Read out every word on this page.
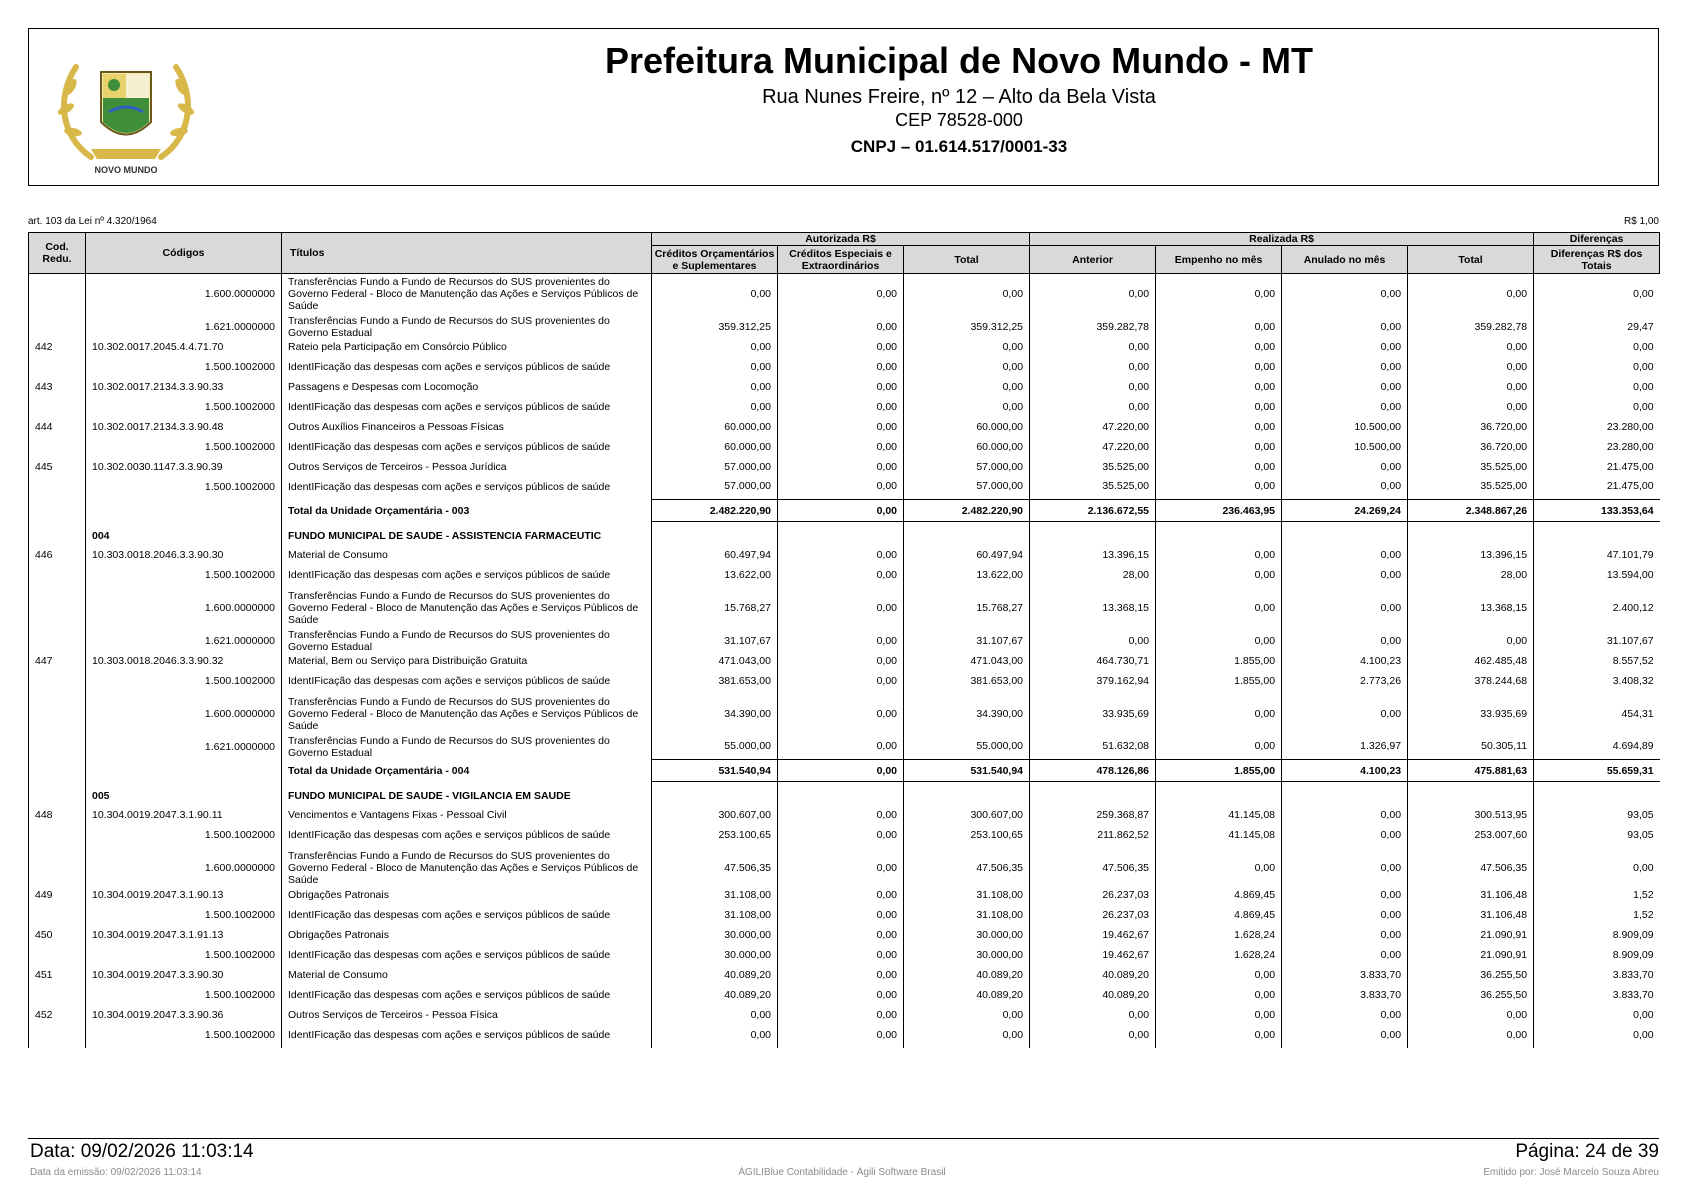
NOVO MUNDO
Prefeitura Municipal de Novo Mundo - MT
Rua Nunes Freire, nº 12 – Alto da Bela Vista
CEP 78528-000
CNPJ – 01.614.517/0001-33
art. 103 da Lei nº 4.320/1964	R$ 1,00
Cod. Redu.	Códigos	Títulos	Autorizada R$			Realizada R$				Diferenças
			Créditos Orçamentários e Suplementares	Créditos Especiais e Extraordinários	Total	Anterior	Empenho no mês	Anulado no mês	Total	Diferenças R$ dos Totais
	1.600.0000000	Transferências Fundo a Fundo de Recursos do SUS provenientes do Governo Federal - Bloco de Manutenção das Ações e Serviços Públicos de Saúde	0,00	0,00	0,00	0,00	0,00	0,00	0,00	0,00
	1.621.0000000	Transferências Fundo a Fundo de Recursos do SUS provenientes do Governo Estadual	359.312,25	0,00	359.312,25	359.282,78	0,00	0,00	359.282,78	29,47
442	10.302.0017.2045.4.4.71.70	Rateio pela Participação em Consórcio Público	0,00	0,00	0,00	0,00	0,00	0,00	0,00	0,00
	1.500.1002000	IdentIFicação das despesas com ações e serviços públicos de saúde	0,00	0,00	0,00	0,00	0,00	0,00	0,00	0,00
443	10.302.0017.2134.3.3.90.33	Passagens e Despesas com Locomoção	0,00	0,00	0,00	0,00	0,00	0,00	0,00	0,00
	1.500.1002000	IdentIFicação das despesas com ações e serviços públicos de saúde	0,00	0,00	0,00	0,00	0,00	0,00	0,00	0,00
444	10.302.0017.2134.3.3.90.48	Outros Auxílios Financeiros a Pessoas Físicas	60.000,00	0,00	60.000,00	47.220,00	0,00	10.500,00	36.720,00	23.280,00
	1.500.1002000	IdentIFicação das despesas com ações e serviços públicos de saúde	60.000,00	0,00	60.000,00	47.220,00	0,00	10.500,00	36.720,00	23.280,00
445	10.302.0030.1147.3.3.90.39	Outros Serviços de Terceiros - Pessoa Jurídica	57.000,00	0,00	57.000,00	35.525,00	0,00	0,00	35.525,00	21.475,00
	1.500.1002000	IdentIFicação das despesas com ações e serviços públicos de saúde	57.000,00	0,00	57.000,00	35.525,00	0,00	0,00	35.525,00	21.475,00
		Total da Unidade Orçamentária - 003	2.482.220,90	0,00	2.482.220,90	2.136.672,55	236.463,95	24.269,24	2.348.867,26	133.353,64
	004	FUNDO MUNICIPAL DE SAUDE - ASSISTENCIA FARMACEUTIC								
446	10.303.0018.2046.3.3.90.30	Material de Consumo	60.497,94	0,00	60.497,94	13.396,15	0,00	0,00	13.396,15	47.101,79
	1.500.1002000	IdentIFicação das despesas com ações e serviços públicos de saúde	13.622,00	0,00	13.622,00	28,00	0,00	0,00	28,00	13.594,00
	1.600.0000000	Transferências Fundo a Fundo de Recursos do SUS provenientes do Governo Federal - Bloco de Manutenção das Ações e Serviços Públicos de Saúde	15.768,27	0,00	15.768,27	13.368,15	0,00	0,00	13.368,15	2.400,12
	1.621.0000000	Transferências Fundo a Fundo de Recursos do SUS provenientes do Governo Estadual	31.107,67	0,00	31.107,67	0,00	0,00	0,00	0,00	31.107,67
447	10.303.0018.2046.3.3.90.32	Material, Bem ou Serviço para Distribuição Gratuita	471.043,00	0,00	471.043,00	464.730,71	1.855,00	4.100,23	462.485,48	8.557,52
	1.500.1002000	IdentIFicação das despesas com ações e serviços públicos de saúde	381.653,00	0,00	381.653,00	379.162,94	1.855,00	2.773,26	378.244,68	3.408,32
	1.600.0000000	Transferências Fundo a Fundo de Recursos do SUS provenientes do Governo Federal - Bloco de Manutenção das Ações e Serviços Públicos de Saúde	34.390,00	0,00	34.390,00	33.935,69	0,00	0,00	33.935,69	454,31
	1.621.0000000	Transferências Fundo a Fundo de Recursos do SUS provenientes do Governo Estadual	55.000,00	0,00	55.000,00	51.632,08	0,00	1.326,97	50.305,11	4.694,89
		Total da Unidade Orçamentária - 004	531.540,94	0,00	531.540,94	478.126,86	1.855,00	4.100,23	475.881,63	55.659,31
	005	FUNDO MUNICIPAL DE SAUDE - VIGILANCIA EM SAUDE								
448	10.304.0019.2047.3.1.90.11	Vencimentos e Vantagens Fixas - Pessoal Civil	300.607,00	0,00	300.607,00	259.368,87	41.145,08	0,00	300.513,95	93,05
	1.500.1002000	IdentIFicação das despesas com ações e serviços públicos de saúde	253.100,65	0,00	253.100,65	211.862,52	41.145,08	0,00	253.007,60	93,05
	1.600.0000000	Transferências Fundo a Fundo de Recursos do SUS provenientes do Governo Federal - Bloco de Manutenção das Ações e Serviços Públicos de Saúde	47.506,35	0,00	47.506,35	47.506,35	0,00	0,00	47.506,35	0,00
449	10.304.0019.2047.3.1.90.13	Obrigações Patronais	31.108,00	0,00	31.108,00	26.237,03	4.869,45	0,00	31.106,48	1,52
	1.500.1002000	IdentIFicação das despesas com ações e serviços públicos de saúde	31.108,00	0,00	31.108,00	26.237,03	4.869,45	0,00	31.106,48	1,52
450	10.304.0019.2047.3.1.91.13	Obrigações Patronais	30.000,00	0,00	30.000,00	19.462,67	1.628,24	0,00	21.090,91	8.909,09
	1.500.1002000	IdentIFicação das despesas com ações e serviços públicos de saúde	30.000,00	0,00	30.000,00	19.462,67	1.628,24	0,00	21.090,91	8.909,09
451	10.304.0019.2047.3.3.90.30	Material de Consumo	40.089,20	0,00	40.089,20	40.089,20	0,00	3.833,70	36.255,50	3.833,70
	1.500.1002000	IdentIFicação das despesas com ações e serviços públicos de saúde	40.089,20	0,00	40.089,20	40.089,20	0,00	3.833,70	36.255,50	3.833,70
452	10.304.0019.2047.3.3.90.36	Outros Serviços de Terceiros - Pessoa Física	0,00	0,00	0,00	0,00	0,00	0,00	0,00	0,00
	1.500.1002000	IdentIFicação das despesas com ações e serviços públicos de saúde	0,00	0,00	0,00	0,00	0,00	0,00	0,00	0,00
Data: 09/02/2026 11:03:14	Página: 24 de 39
Data da emissão: 09/02/2026 11:03:14	ÁGILIBlue Contabilidade - Ágili Software Brasil	Emitido por: José Marcelo Souza Abreu
